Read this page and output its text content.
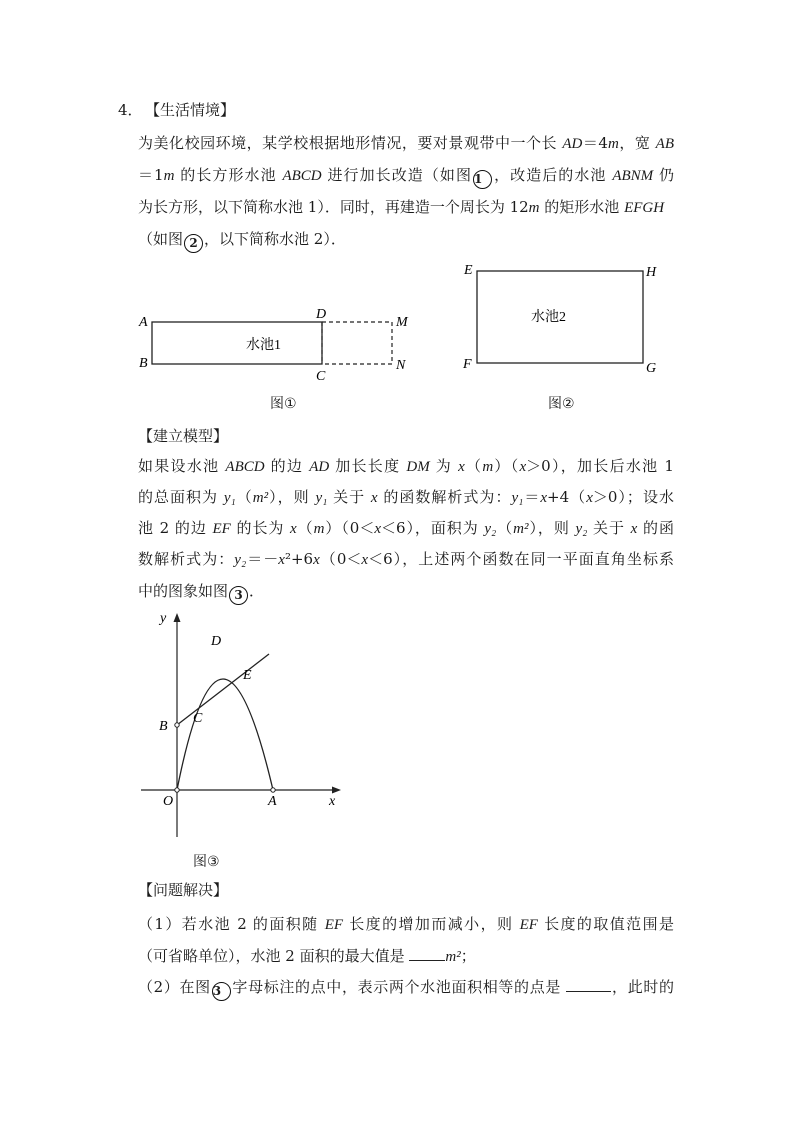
4． 【生活情境】
为美化校园环境，某学校根据地形情况，要对景观带中一个长 AD＝4m，宽 AB
＝1m 的长方形水池 ABCD 进行加长改造（如图 1 ，改造后的水池 ABNM 仍
为长方形，以下简称水池 1）．同时，再建造一个周长为 12m 的矩形水池 EFGH
（如图 2 ，以下简称水池 2）．
A
B
D
C
M
N
水池1
图①
E	H
F	G
水池2
图②
【建立模型】
如果设水池 ABCD 的边 AD 加长长度 DM 为 x（m）（x＞0），加长后水池 1
的总面积为 y₁（m²），则 y₁ 关于 x 的函数解析式为：y₁＝x+4（x＞0）；设水
池 2 的边 EF 的长为 x（m）（0＜x＜6），面积为 y₂（m²），则 y₂ 关于 x 的函
数解析式为：y₂＝－x²+6x（0＜x＜6），上述两个函数在同一平面直角坐标系
中的图象如图 3 ．
y
x
O	A
B
C
D
E
图③
【问题解决】
（1）若水池 2 的面积随 EF 长度的增加而减小，则 EF 长度的取值范围是
（可省略单位），水池 2 面积的最大值是 m²；
（2）在图 3 字母标注的点中，表示两个水池面积相等的点是	，此时的
